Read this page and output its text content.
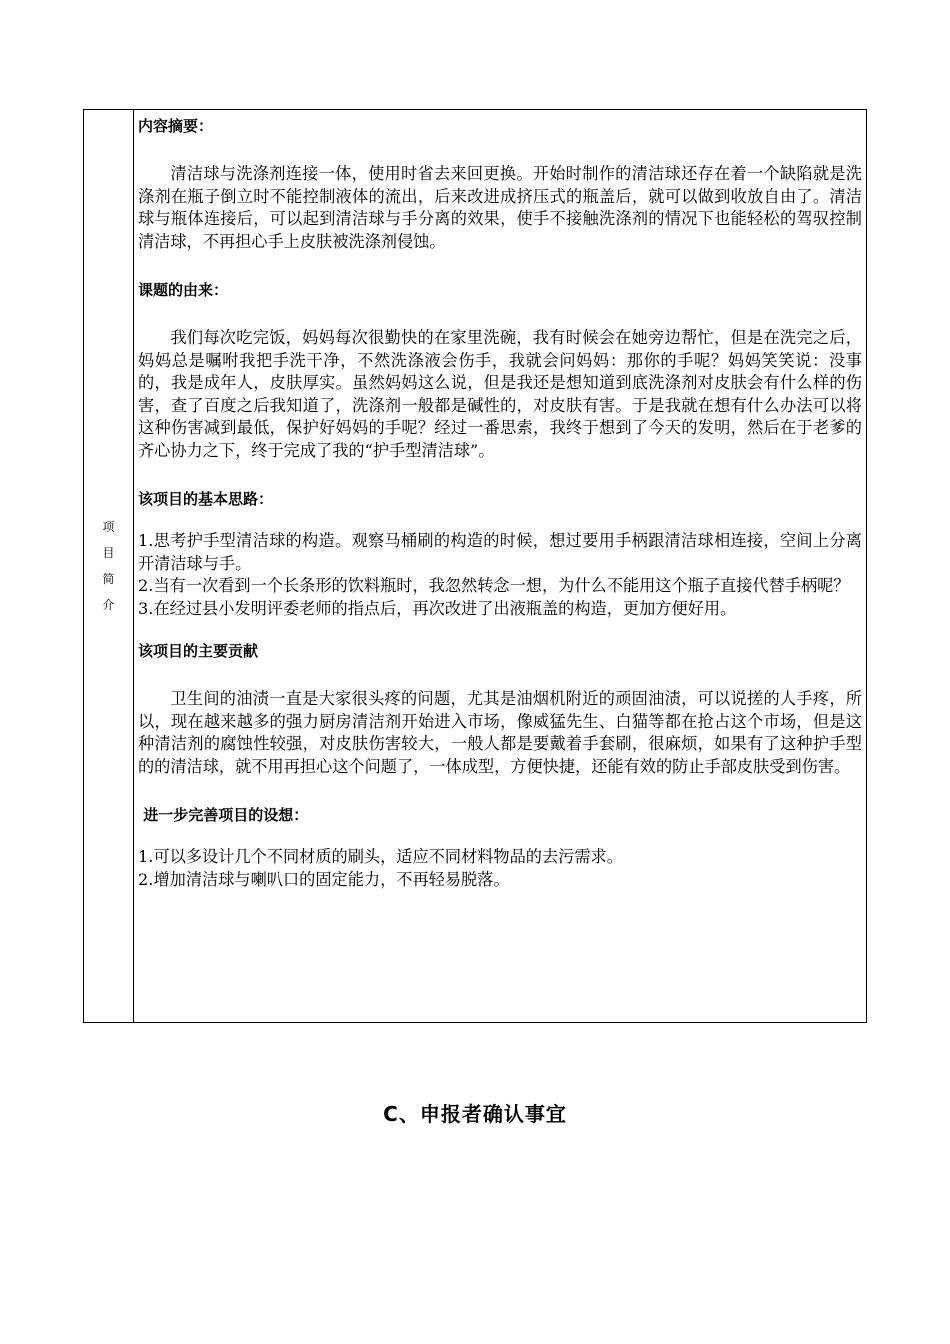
项
目
简
介
内容摘要：

清洁球与洗涤剂连接一体，使用时省去来回更换。开始时制作的清洁球还存在着一个缺陷就是洗涤剂在瓶子倒立时不能控制液体的流出，后来改进成挤压式的瓶盖后，就可以做到收放自由了。清洁球与瓶体连接后，可以起到清洁球与手分离的效果，使手不接触洗涤剂的情况下也能轻松的驾驭控制清洁球，不再担心手上皮肤被洗涤剂侵蚀。

课题的由来：

我们每次吃完饭，妈妈每次很勤快的在家里洗碗，我有时候会在她旁边帮忙，但是在洗完之后，妈妈总是嘱咐我把手洗干净，不然洗涤液会伤手，我就会问妈妈：那你的手呢？妈妈笑笑说：没事的，我是成年人，皮肤厚实。虽然妈妈这么说，但是我还是想知道到底洗涤剂对皮肤会有什么样的伤害，查了百度之后我知道了，洗涤剂一般都是碱性的，对皮肤有害。于是我就在想有什么办法可以将这种伤害减到最低，保护好妈妈的手呢？经过一番思索，我终于想到了今天的发明，然后在于老爹的齐心协力之下，终于完成了我的“护手型清洁球”。

该项目的基本思路：

1.思考护手型清洁球的构造。观察马桶刷的构造的时候，想过要用手柄跟清洁球相连接，空间上分离开清洁球与手。

2.当有一次看到一个长条形的饮料瓶时，我忽然转念一想，为什么不能用这个瓶子直接代替手柄呢？

3.在经过县小发明评委老师的指点后，再次改进了出液瓶盖的构造，更加方便好用。

该项目的主要贡献

卫生间的油渍一直是大家很头疼的问题，尤其是油烟机附近的顽固油渍，可以说搓的人手疼，所以，现在越来越多的强力厨房清洁剂开始进入市场，像威猛先生、白猫等都在抢占这个市场，但是这种清洁剂的腐蚀性较强，对皮肤伤害较大，一般人都是要戴着手套刷，很麻烦，如果有了这种护手型的的清洁球，就不用再担心这个问题了，一体成型，方便快捷，还能有效的防止手部皮肤受到伤害。

进一步完善项目的设想：

1.可以多设计几个不同材质的刷头，适应不同材料物品的去污需求。

2.增加清洁球与喇叭口的固定能力，不再轻易脱落。

C、申报者确认事宜
